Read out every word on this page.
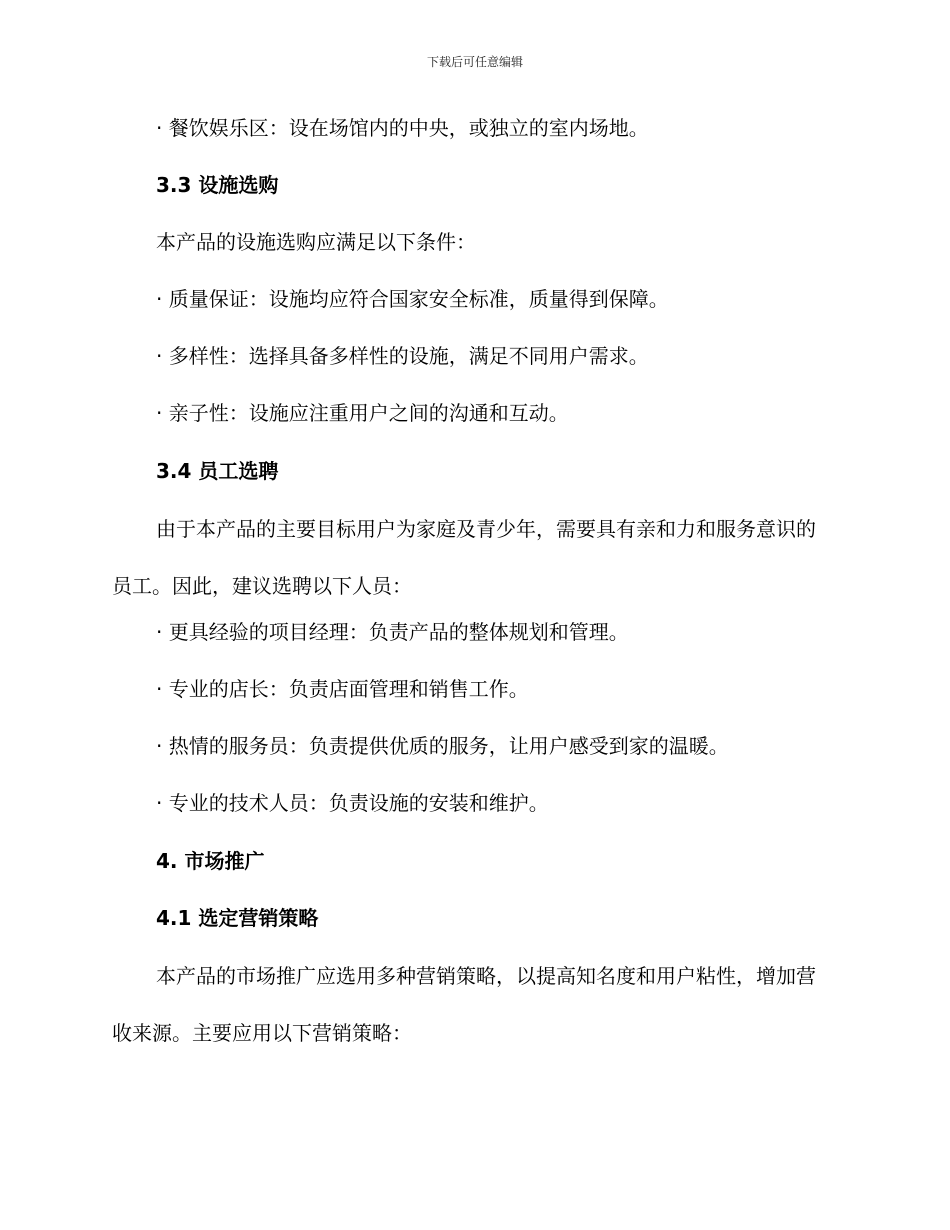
下载后可任意编辑
· 餐饮娱乐区：设在场馆内的中央，或独立的室内场地。
3.3 设施选购
本产品的设施选购应满足以下条件：
· 质量保证：设施均应符合国家安全标准，质量得到保障。
· 多样性：选择具备多样性的设施，满足不同用户需求。
· 亲子性：设施应注重用户之间的沟通和互动。
3.4 员工选聘

由于本产品的主要目标用户为家庭及青少年，需要具有亲和力和服务意识的员工。因此，建议选聘以下人员：

· 更具经验的项目经理：负责产品的整体规划和管理。
· 专业的店长：负责店面管理和销售工作。
· 热情的服务员：负责提供优质的服务，让用户感受到家的温暖。
· 专业的技术人员：负责设施的安装和维护。
4. 市场推广
4.1 选定营销策略

本产品的市场推广应选用多种营销策略，以提高知名度和用户粘性，增加营收来源。主要应用以下营销策略：
